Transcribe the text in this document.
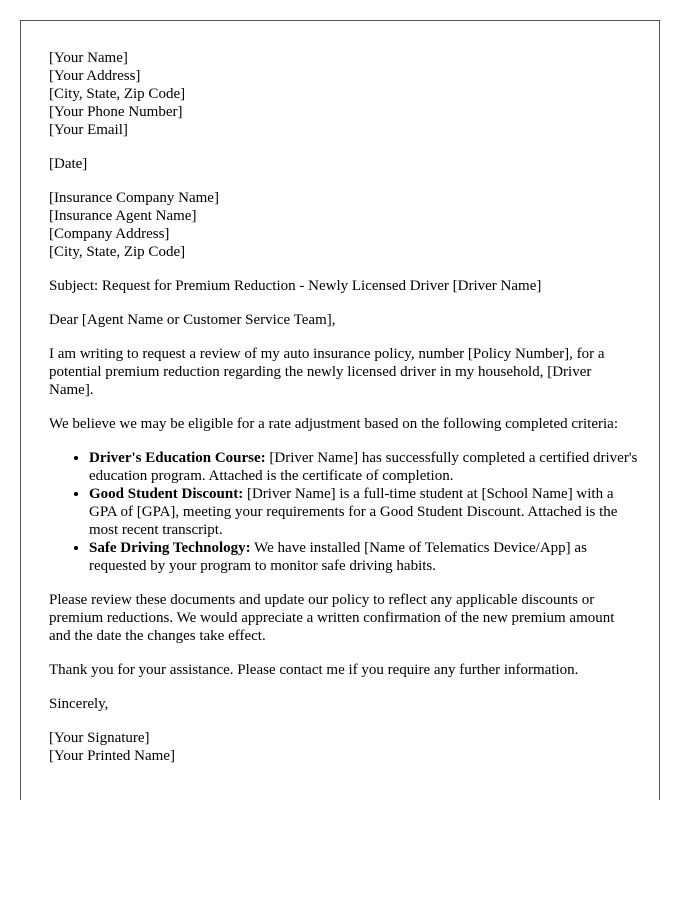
[Your Name]
[Your Address]
[City, State, Zip Code]
[Your Phone Number]
[Your Email]
[Date]
[Insurance Company Name]
[Insurance Agent Name]
[Company Address]
[City, State, Zip Code]

Subject: Request for Premium Reduction - Newly Licensed Driver [Driver Name]

Dear [Agent Name or Customer Service Team],

I am writing to request a review of my auto insurance policy, number [Policy Number], for a potential premium reduction regarding the newly licensed driver in my household, [Driver Name].

We believe we may be eligible for a rate adjustment based on the following completed criteria:

• Driver's Education Course: [Driver Name] has successfully completed a certified driver's education program. Attached is the certificate of completion.
• Good Student Discount: [Driver Name] is a full-time student at [School Name] with a GPA of [GPA], meeting your requirements for a Good Student Discount. Attached is the most recent transcript.
• Safe Driving Technology: We have installed [Name of Telematics Device/App] as requested by your program to monitor safe driving habits.

Please review these documents and update our policy to reflect any applicable discounts or premium reductions. We would appreciate a written confirmation of the new premium amount and the date the changes take effect.

Thank you for your assistance. Please contact me if you require any further information.

Sincerely,

[Your Signature]
[Your Printed Name]
